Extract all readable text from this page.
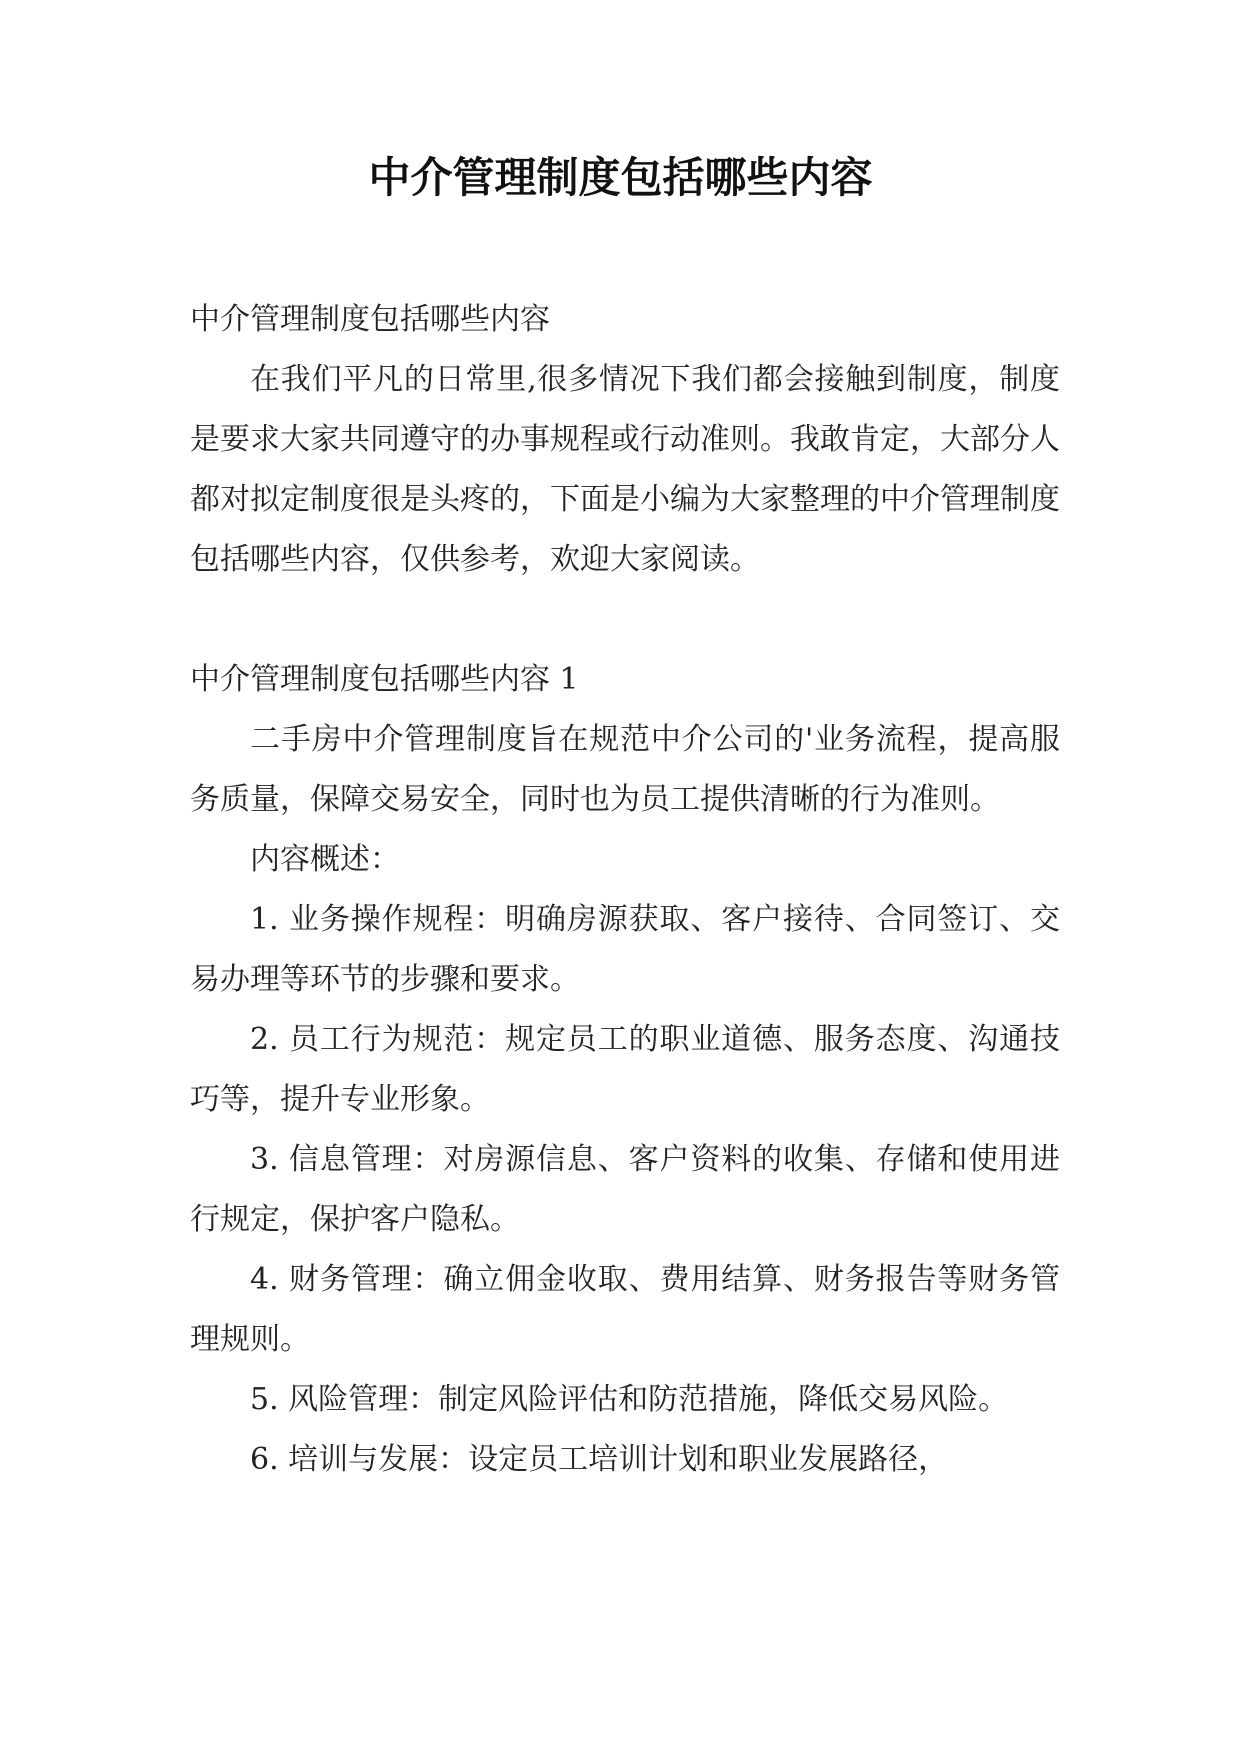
中介管理制度包括哪些内容

中介管理制度包括哪些内容

在我们平凡的日常里,很多情况下我们都会接触到制度，制度是要求大家共同遵守的办事规程或行动准则。我敢肯定，大部分人都对拟定制度很是头疼的，下面是小编为大家整理的中介管理制度包括哪些内容，仅供参考，欢迎大家阅读。

中介管理制度包括哪些内容 1

二手房中介管理制度旨在规范中介公司的'业务流程，提高服务质量，保障交易安全，同时也为员工提供清晰的行为准则。

内容概述：

1. 业务操作规程：明确房源获取、客户接待、合同签订、交易办理等环节的步骤和要求。

2. 员工行为规范：规定员工的职业道德、服务态度、沟通技巧等，提升专业形象。

3. 信息管理：对房源信息、客户资料的收集、存储和使用进行规定，保护客户隐私。

4. 财务管理：确立佣金收取、费用结算、财务报告等财务管理规则。

5. 风险管理：制定风险评估和防范措施，降低交易风险。

6. 培训与发展：设定员工培训计划和职业发展路径，
